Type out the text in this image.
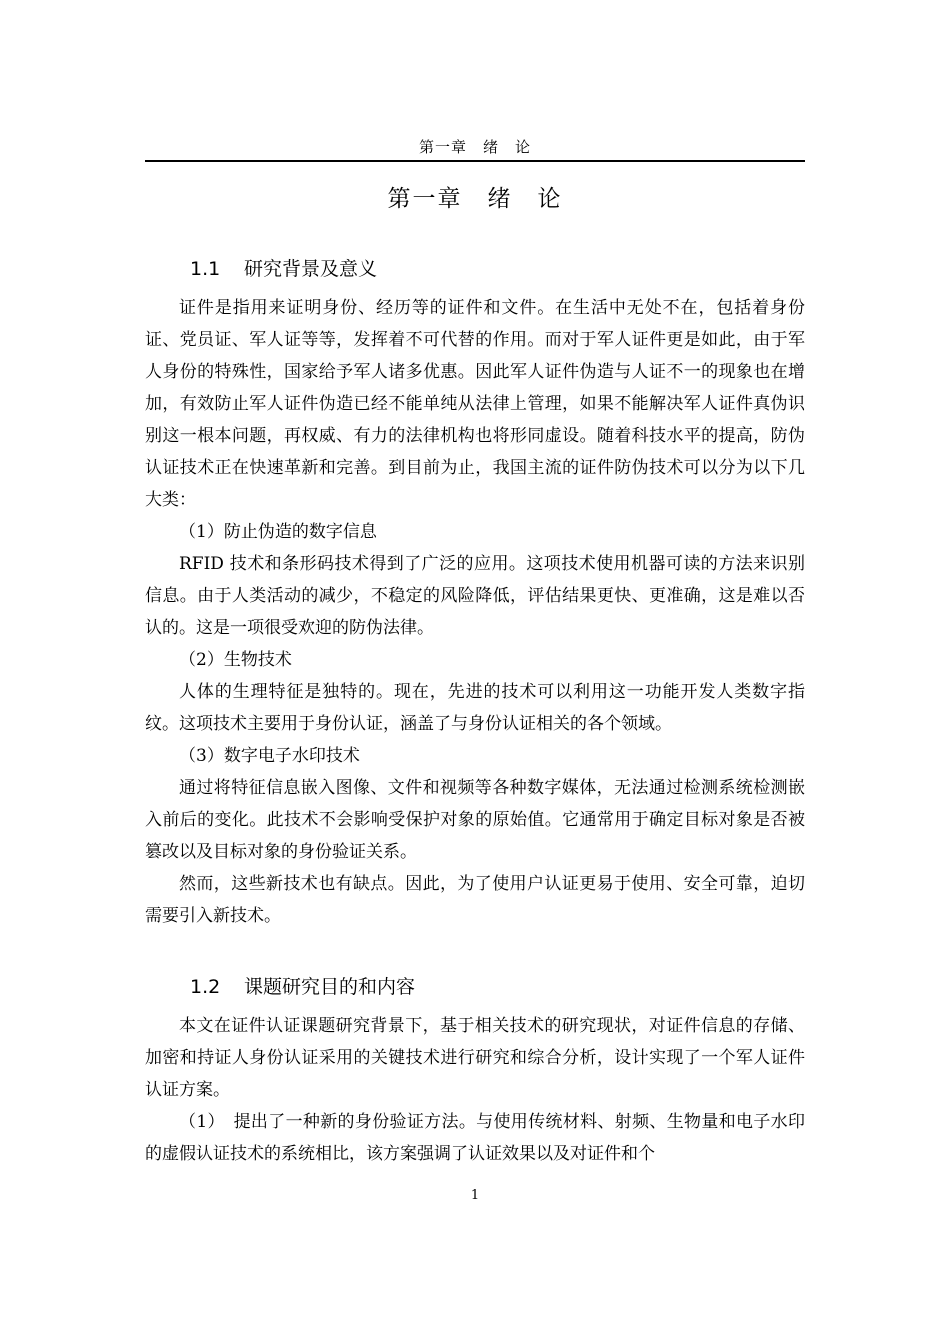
第一章　绪　论
第一章　绪　论
1.1 研究背景及意义

证件是指用来证明身份、经历等的证件和文件。在生活中无处不在，包括着身份证、党员证、军人证等等，发挥着不可代替的作用。而对于军人证件更是如此，由于军人身份的特殊性，国家给予军人诸多优惠。因此军人证件伪造与人证不一的现象也在增加，有效防止军人证件伪造已经不能单纯从法律上管理，如果不能解决军人证件真伪识别这一根本问题，再权威、有力的法律机构也将形同虚设。随着科技水平的提高，防伪认证技术正在快速革新和完善。到目前为止，我国主流的证件防伪技术可以分为以下几大类：

（1）防止伪造的数字信息

RFID 技术和条形码技术得到了广泛的应用。这项技术使用机器可读的方法来识别信息。由于人类活动的减少，不稳定的风险降低，评估结果更快、更准确，这是难以否认的。这是一项很受欢迎的防伪法律。

（2）生物技术

人体的生理特征是独特的。现在，先进的技术可以利用这一功能开发人类数字指纹。这项技术主要用于身份认证，涵盖了与身份认证相关的各个领域。

（3）数字电子水印技术

通过将特征信息嵌入图像、文件和视频等各种数字媒体，无法通过检测系统检测嵌入前后的变化。此技术不会影响受保护对象的原始值。它通常用于确定目标对象是否被篡改以及目标对象的身份验证关系。

然而，这些新技术也有缺点。因此，为了使用户认证更易于使用、安全可靠，迫切需要引入新技术。

1.2 课题研究目的和内容

本文在证件认证课题研究背景下，基于相关技术的研究现状，对证件信息的存储、加密和持证人身份认证采用的关键技术进行研究和综合分析，设计实现了一个军人证件认证方案。

（1）　提出了一种新的身份验证方法。与使用传统材料、射频、生物量和电子水印的虚假认证技术的系统相比，该方案强调了认证效果以及对证件和个

1
